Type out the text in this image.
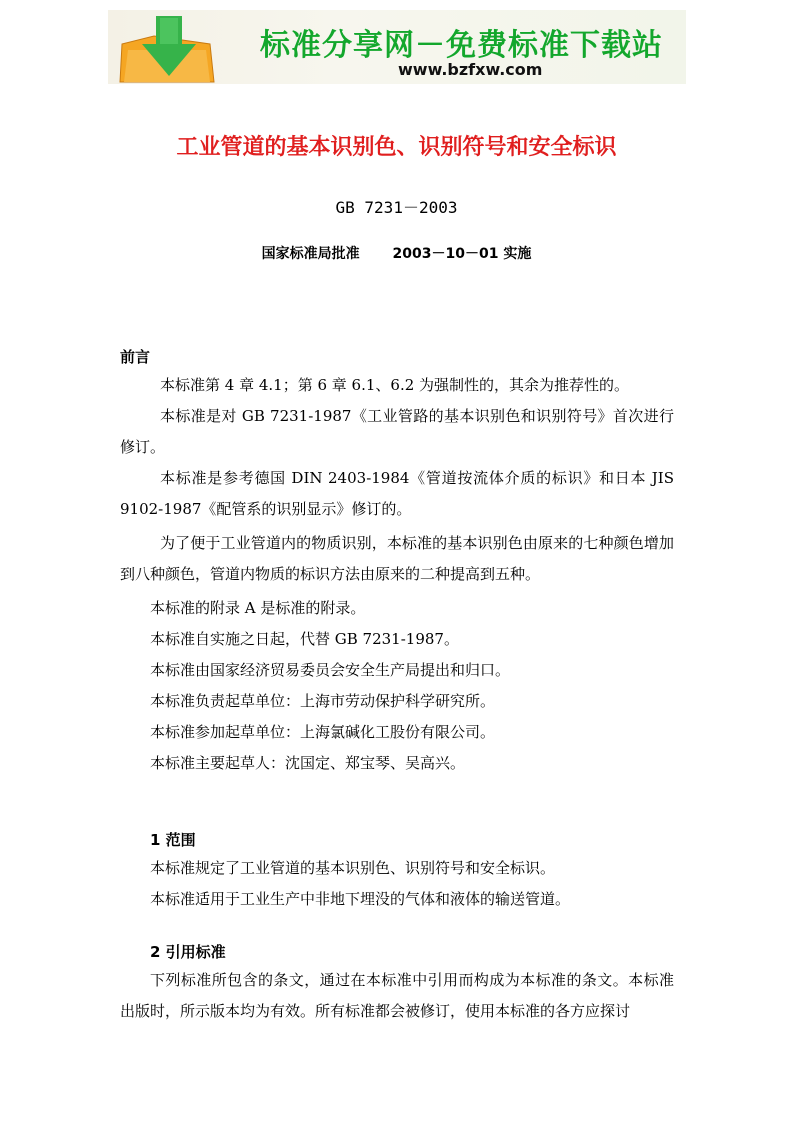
标准分享网－免费标准下载站
www.bzfxw.com
工业管道的基本识别色、识别符号和安全标识
GB 7231－2003
国家标准局批准　　 2003－10－01 实施
前言
本标准第 4 章 4.1；第 6 章 6.1、6.2 为强制性的，其余为推荐性的。
本标准是对 GB 7231-1987《工业管路的基本识别色和识别符号》首次进行修订。
本标准是参考德国 DIN 2403-1984《管道按流体介质的标识》和日本 JIS 9102-1987《配管系的识别显示》修订的。
为了便于工业管道内的物质识别，本标准的基本识别色由原来的七种颜色增加到八种颜色，管道内物质的标识方法由原来的二种提高到五种。
本标准的附录 A 是标准的附录。
本标准自实施之日起，代替 GB 7231-1987。
本标准由国家经济贸易委员会安全生产局提出和归口。
本标准负责起草单位：上海市劳动保护科学研究所。
本标准参加起草单位：上海氯碱化工股份有限公司。
本标准主要起草人：沈国定、郑宝琴、吴高兴。
1 范围
本标准规定了工业管道的基本识别色、识别符号和安全标识。
本标准适用于工业生产中非地下埋没的气体和液体的输送管道。
2 引用标准
下列标准所包含的条文，通过在本标准中引用而构成为本标准的条文。本标准出版时，所示版本均为有效。所有标准都会被修订，使用本标准的各方应探讨
